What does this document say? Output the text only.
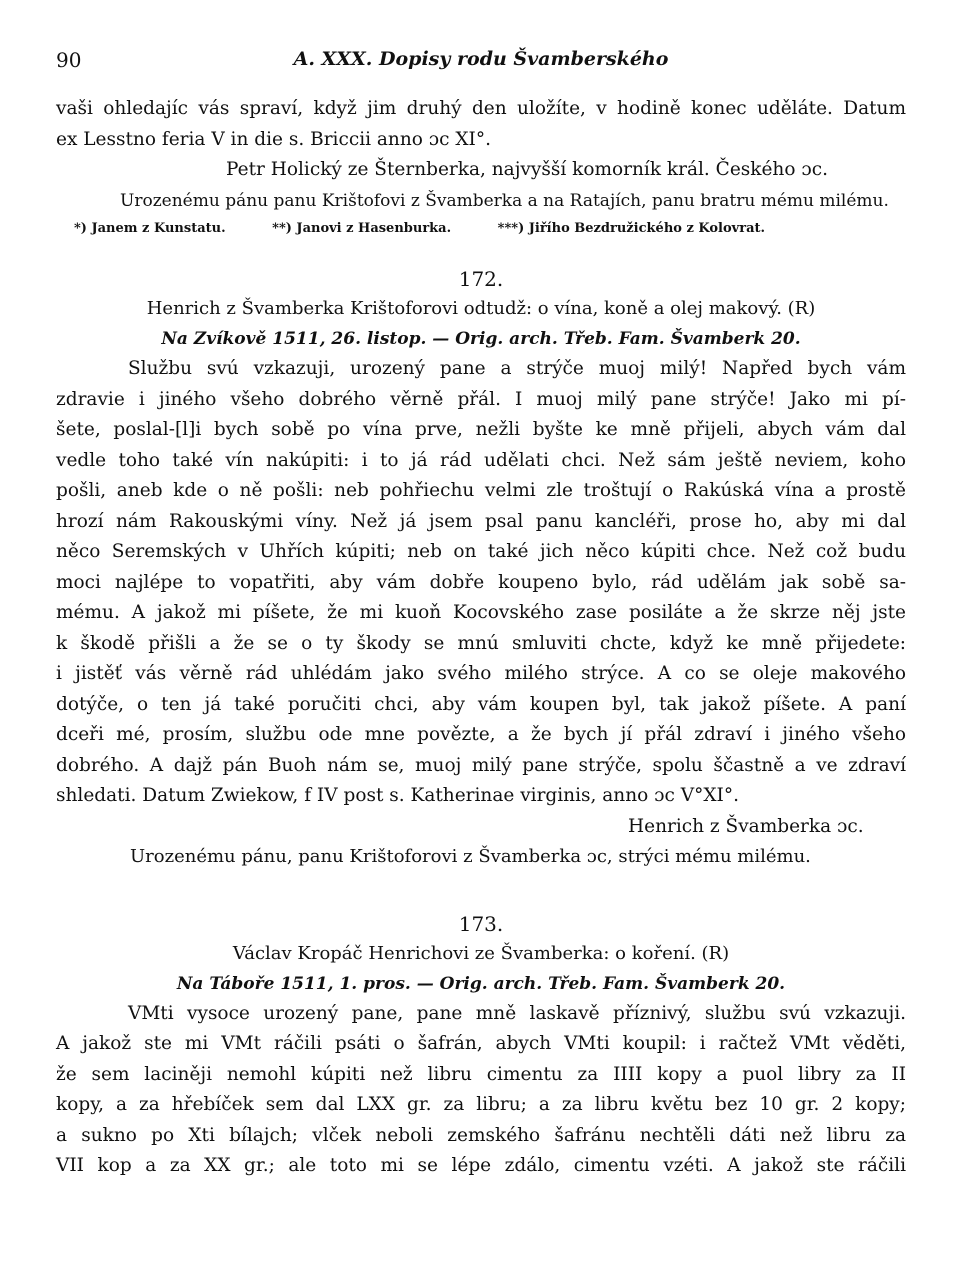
90	A. XXX. Dopisy rodu Švamberského

vaši ohledajíc vás spraví, když jim druhý den uložíte, v hodině konec uděláte. Datum
ex Lesstno feria V in die s. Briccii anno ɔc XI°.

Petr Holický ze Šternberka, najvyšší komorník král. Českého ɔc.
Urozenému pánu panu Krištofovi z Švamberka a na Ratajích, panu bratru mému milému.
*) Janem z Kunstatu.	**) Janovi z Hasenburka.	***) Jiřího Bezdružického z Kolovrat.
172.
Henrich z Švamberka Krištoforovi odtudž: o vína, koně a olej makový. (R)
Na Zvíkově 1511, 26. listop. — Orig. arch. Třeb. Fam. Švamberk 20.

Službu svú vzkazuji, urozený pane a strýče muoj milý! Napřed bych vám
zdravie i jiného všeho dobrého věrně přál. I muoj milý pane strýče! Jako mi pí-
šete, poslal-[l]i bych sobě po vína prve, nežli byšte ke mně přijeli, abych vám dal
vedle toho také vín nakúpiti: i to já rád udělati chci. Než sám ještě neviem, koho
pošli, aneb kde o ně pošli: neb pohřiechu velmi zle troštují o Rakúská vína a prostě
hrozí nám Rakouskými víny. Než já jsem psal panu kancléři, prose ho, aby mi dal
něco Seremských v Uhřích kúpiti; neb on také jich něco kúpiti chce. Než což budu
moci najlépe to vopatřiti, aby vám dobře koupeno bylo, rád udělám jak sobě sa-
mému. A jakož mi píšete, že mi kuoň Kocovského zase posiláte a že skrze něj jste
k škodě přišli a že se o ty škody se mnú smluviti chcte, když ke mně přijedete:
i jistěť vás věrně rád uhlédám jako svého milého strýce. A co se oleje makového
dotýče, o ten já také poručiti chci, aby vám koupen byl, tak jakož píšete. A paní
dceři mé, prosím, službu ode mne povězte, a že bych jí přál zdraví i jiného všeho
dobrého. A dajž pán Buoh nám se, muoj milý pane strýče, spolu ščastně a ve zdraví
shledati. Datum Zwiekow, f IV post s. Katherinae virginis, anno ɔc V°XI°.

Henrich z Švamberka ɔc.
Urozenému pánu, panu Krištoforovi z Švamberka ɔc, strýci mému milému.
173.
Václav Kropáč Henrichovi ze Švamberka: o koření. (R)
Na Táboře 1511, 1. pros. — Orig. arch. Třeb. Fam. Švamberk 20.

VMti vysoce urozený pane, pane mně laskavě příznivý, službu svú vzkazuji.
A jakož ste mi VMt ráčili psáti o šafrán, abych VMti koupil: i račtež VMt věděti,
že sem laciněji nemohl kúpiti než libru cimentu za IIII kopy a puol libry za II
kopy, a za hřebíček sem dal LXX gr. za libru; a za libru květu bez 10 gr. 2 kopy;
a sukno po Xti bílajch; vlček neboli zemského šafránu nechtěli dáti než libru za
VII kop a za XX gr.; ale toto mi se lépe zdálo, cimentu vzéti. A jakož ste ráčili
